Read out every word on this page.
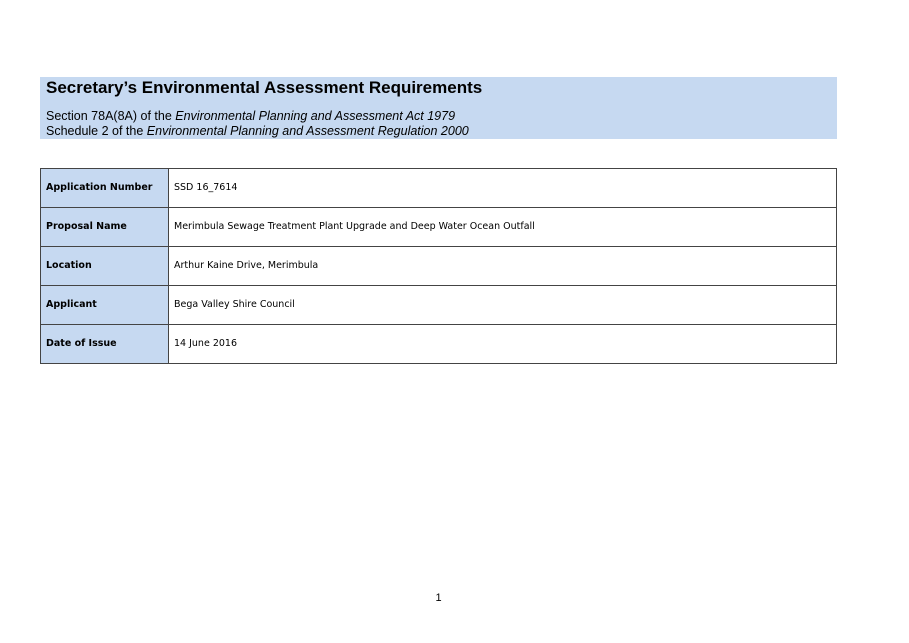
Secretary’s Environmental Assessment Requirements
Section 78A(8A) of the Environmental Planning and Assessment Act 1979
Schedule 2 of the Environmental Planning and Assessment Regulation 2000
Application Number	SSD 16_7614
Proposal Name	Merimbula Sewage Treatment Plant Upgrade and Deep Water Ocean Outfall
Location	Arthur Kaine Drive, Merimbula
Applicant	Bega Valley Shire Council
Date of Issue	14 June 2016
1
